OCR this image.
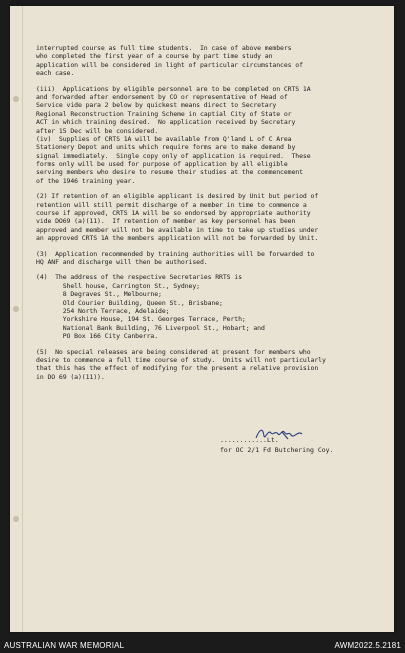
interrupted course as full time students.  In case of above members
who completed the first year of a course by part time study an
application will be considered in light of particular circumstances of
each case.
(iii)  Applications by eligible personnel are to be completed on CRTS 1A
and forwarded after endorsement by CO or representative of Head of
Service vide para 2 below by quickest means direct to Secretary
Regional Reconstruction Training Scheme in captial City of State or
ACT in which training desired.  No application received by Secretary
after 15 Dec will be considered.
(iv)  Supplies of CRTS 1A will be available from Q'land L of C Area
Stationery Depot and units which require forms are to make demand by
signal immediately.  Single copy only of application is required.  These
forms only will be used for purpose of application by all eligible
serving members who desire to resume their studies at the commencement
of the 1946 training year.
(2) If retention of an eligible applicant is desired by Unit but period of
retention will still permit discharge of a member in time to commence a
course if approved, CRTS 1A will be so endorsed by appropriate authority
vide DO69 (a)(11).  If retention of member as key personnel has been
approved and member will not be available in time to take up studies under
an approved CRTS 1A the members application will not be forwarded by Unit.
(3)  Application recommended by training authorities will be forwarded to
HQ ANF and discharge will then be authorised.
(4)  The address of the respective Secretaries RRTS is
Shell house, Carrington St., Sydney;
8 Degraves St., Melbourne;
Old Courier Building, Queen St., Brisbane;
254 North Terrace, Adelaide;
Yorkshire House, 194 St. Georges Terrace, Perth;
National Bank Building, 76 Liverpool St., Hobart; and
PO Box 166 City Canberra.
(5)  No special releases are being considered at present for members who
desire to commence a full time course of study.  Units will not particularly
that this has the effect of modifying for the present a relative provision
in DO 69 (a)(11)).

............Lt.

for OC 2/1 Fd Butchering Coy.
AUSTRALIAN WAR MEMORIAL	AWM2022.5.2181
